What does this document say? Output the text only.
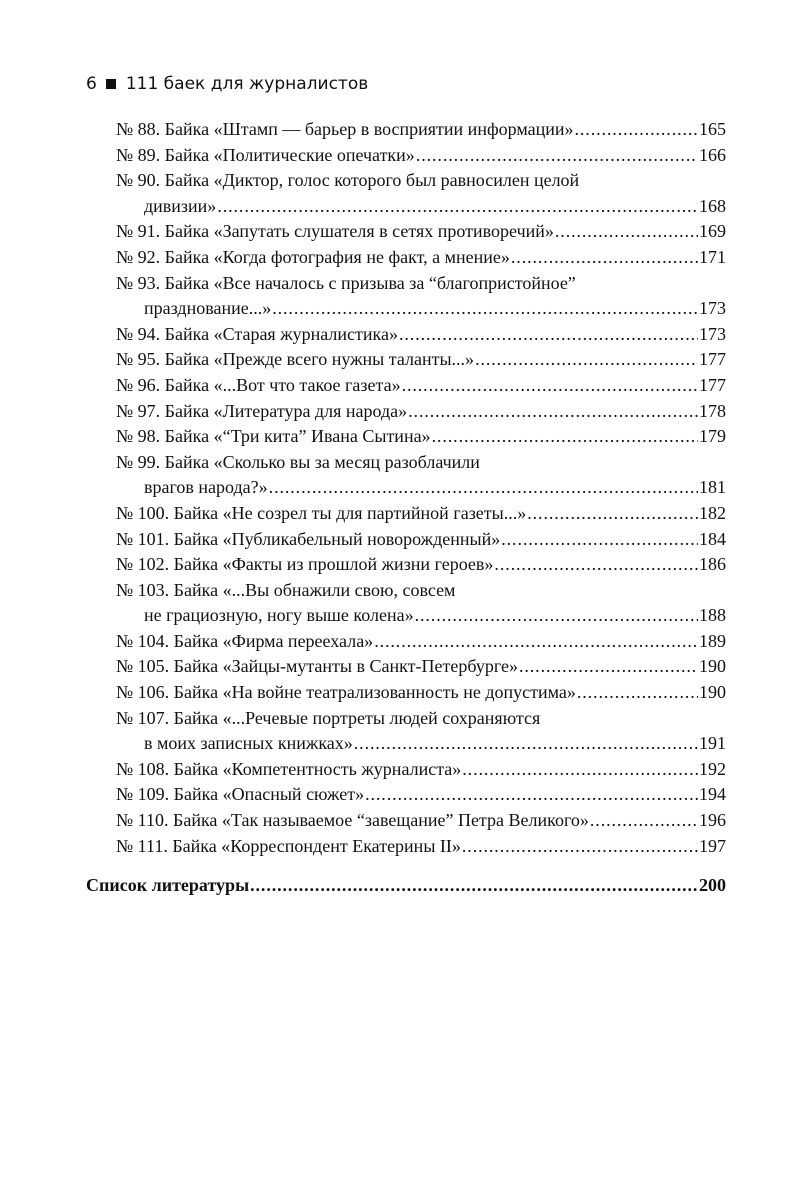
6 111 баек для журналистов
№ 88. Байка «Штамп — барьер в восприятии информации» . . .	165
№ 89. Байка «Политические опечатки» . . .	166
№ 90. Байка «Диктор, голос которого был равносилен целой
дивизии» . . .	168
№ 91. Байка «Запутать слушателя в сетях противоречий» . . .	169
№ 92. Байка «Когда фотография не факт, а мнение» . . .	171
№ 93. Байка «Все началось с призыва за “благопристойное”
празднование...» . . .	173
№ 94. Байка «Старая журналистика» . . .	173
№ 95. Байка «Прежде всего нужны таланты...» . . .	177
№ 96. Байка «...Вот что такое газета» . . .	177
№ 97. Байка «Литература для народа» . . .	178
№ 98. Байка «“Три кита” Ивана Сытина» . . .	179
№ 99. Байка «Сколько вы за месяц разоблачили
врагов народа?» . . .	181
№ 100. Байка «Не созрел ты для партийной газеты...» . . .	182
№ 101. Байка «Публикабельный новорожденный» . . .	184
№ 102. Байка «Факты из прошлой жизни героев» . . .	186
№ 103. Байка «...Вы обнажили свою, совсем
не грациозную, ногу выше колена» . . .	188
№ 104. Байка «Фирма переехала» . . .	189
№ 105. Байка «Зайцы-мутанты в Санкт-Петербурге» . . .	190
№ 106. Байка «На войне театрализованность не допустима» . . .	190
№ 107. Байка «...Речевые портреты людей сохраняются
в моих записных книжках» . . .	191
№ 108. Байка «Компетентность журналиста» . . .	192
№ 109. Байка «Опасный сюжет» . . .	194
№ 110. Байка «Так называемое “завещание” Петра Великого» . . .	196
№ 111. Байка «Корреспондент Екатерины II» . . .	197
Список литературы . . .	200
